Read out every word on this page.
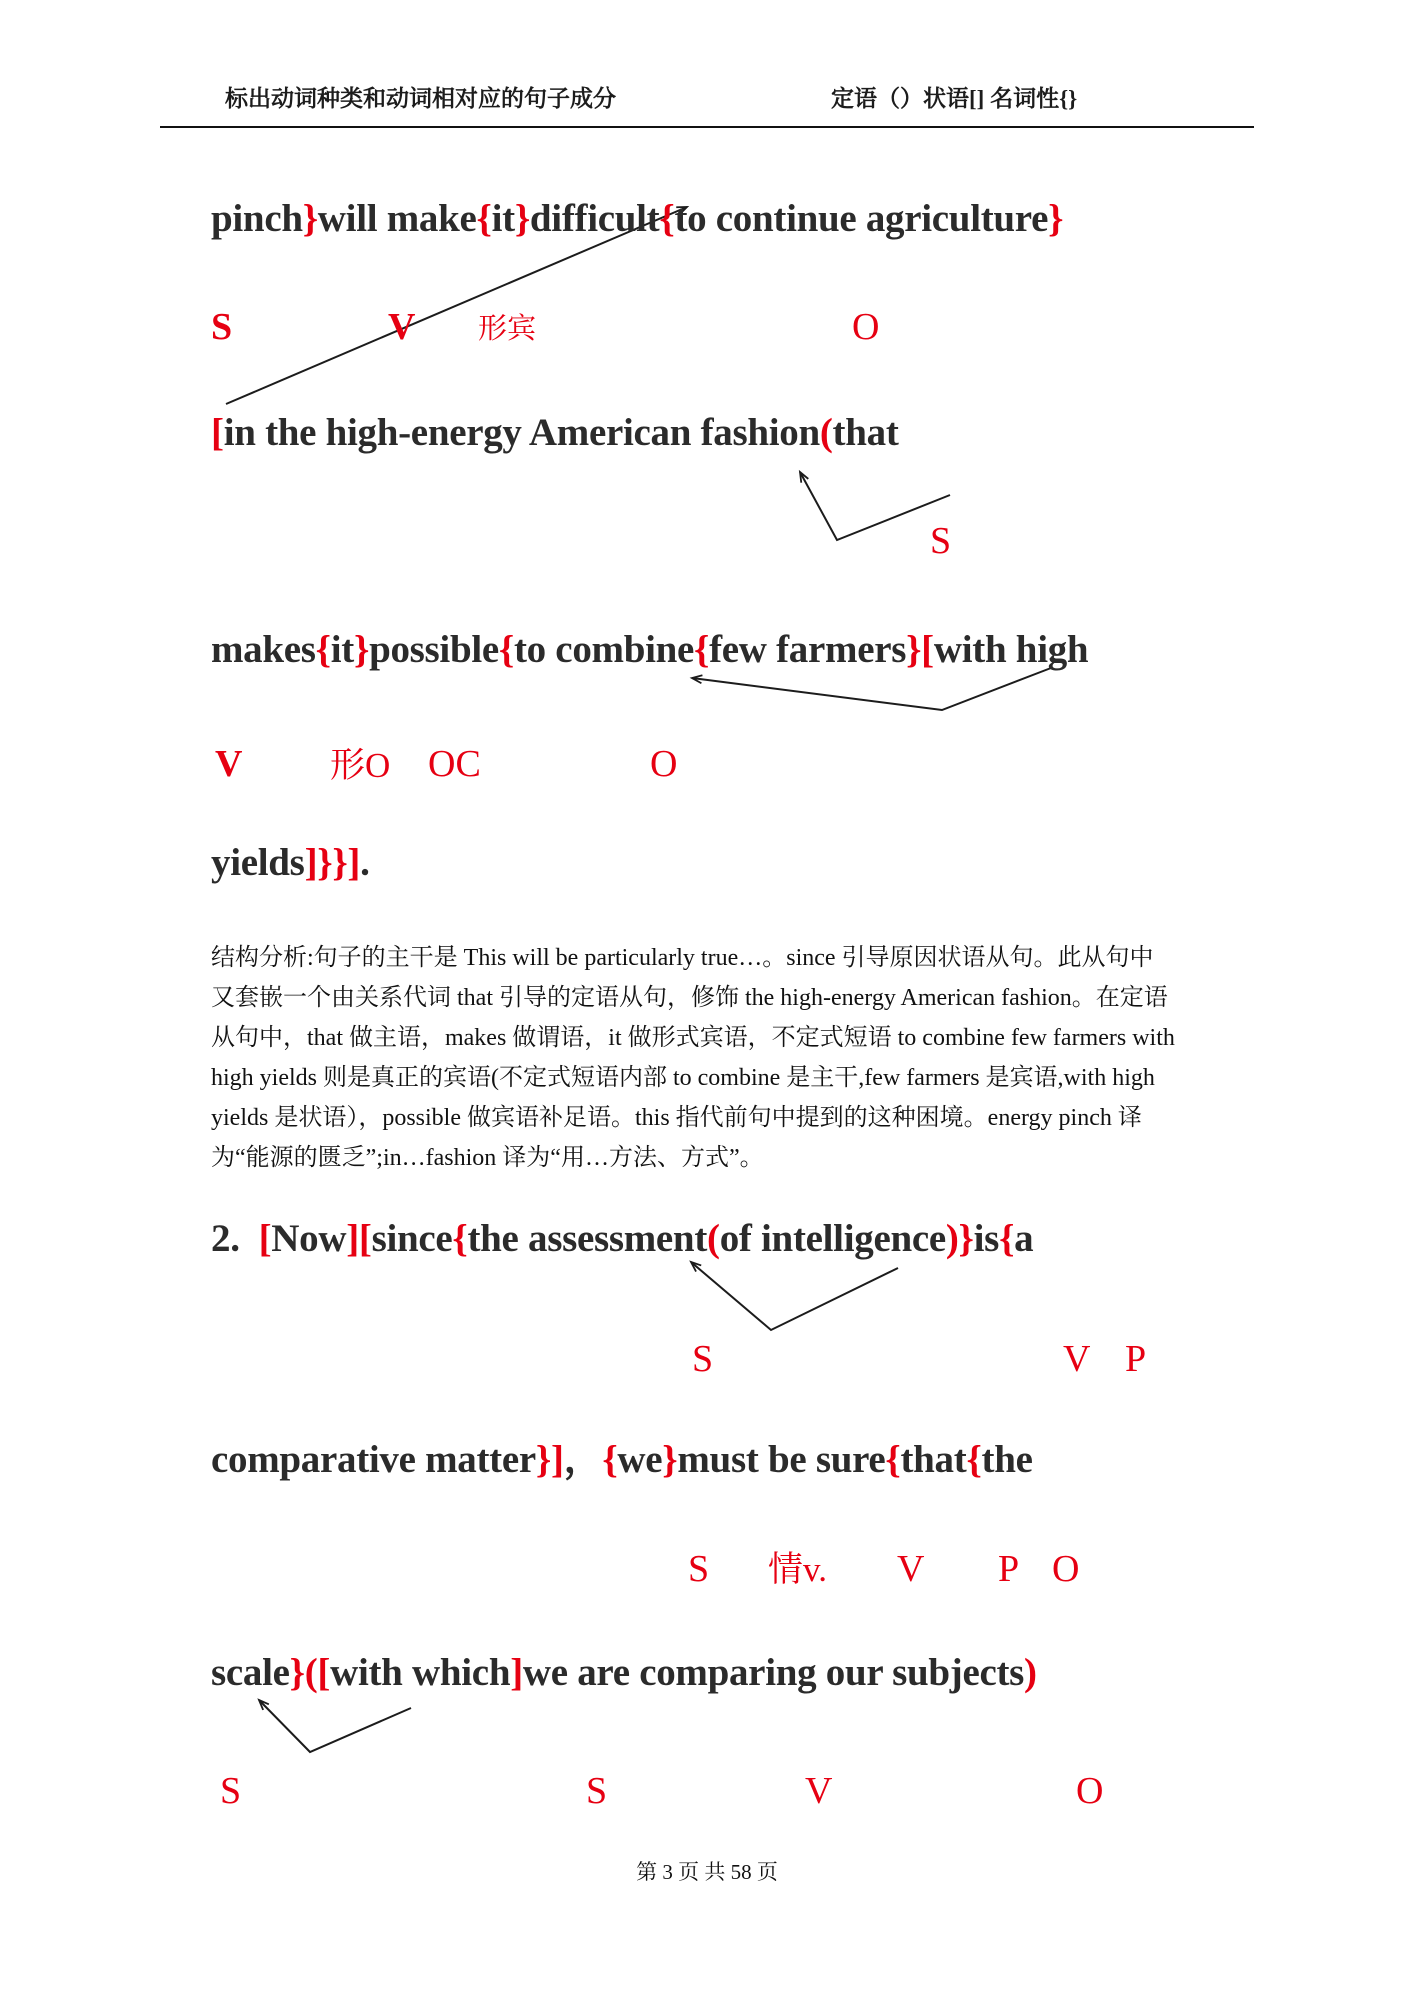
标出动词种类和动词相对应的句子成分	定语（）状语[] 名词性{}
pinch}will make{it}difficult{to continue agriculture}
S	V 形宾	O
[in the high-energy American fashion(that
S
makes{it}possible{to combine{few farmers}[with high
V	形O OC	O
yields]}}].
结构分析:句子的主干是 This will be particularly true…。since 引导原因状语从句。此从句中
又套嵌一个由关系代词 that 引导的定语从句，修饰 the high-energy American fashion。在定语
从句中，that 做主语，makes 做谓语，it 做形式宾语，不定式短语 to combine few farmers with
high yields 则是真正的宾语(不定式短语内部 to combine 是主干,few farmers 是宾语,with high
yields 是状语），possible 做宾语补足语。this 指代前句中提到的这种困境。energy pinch 译
为“能源的匮乏”;in…fashion 译为“用…方法、方式”。
2.  [Now][since{the assessment(of intelligence)}is{a
S	V P
comparative matter}]，{we}must be sure{that{the
S 情v. V P O
scale}([with which]we are comparing our subjects)
S	S	V	O
第 3 页 共 58 页
